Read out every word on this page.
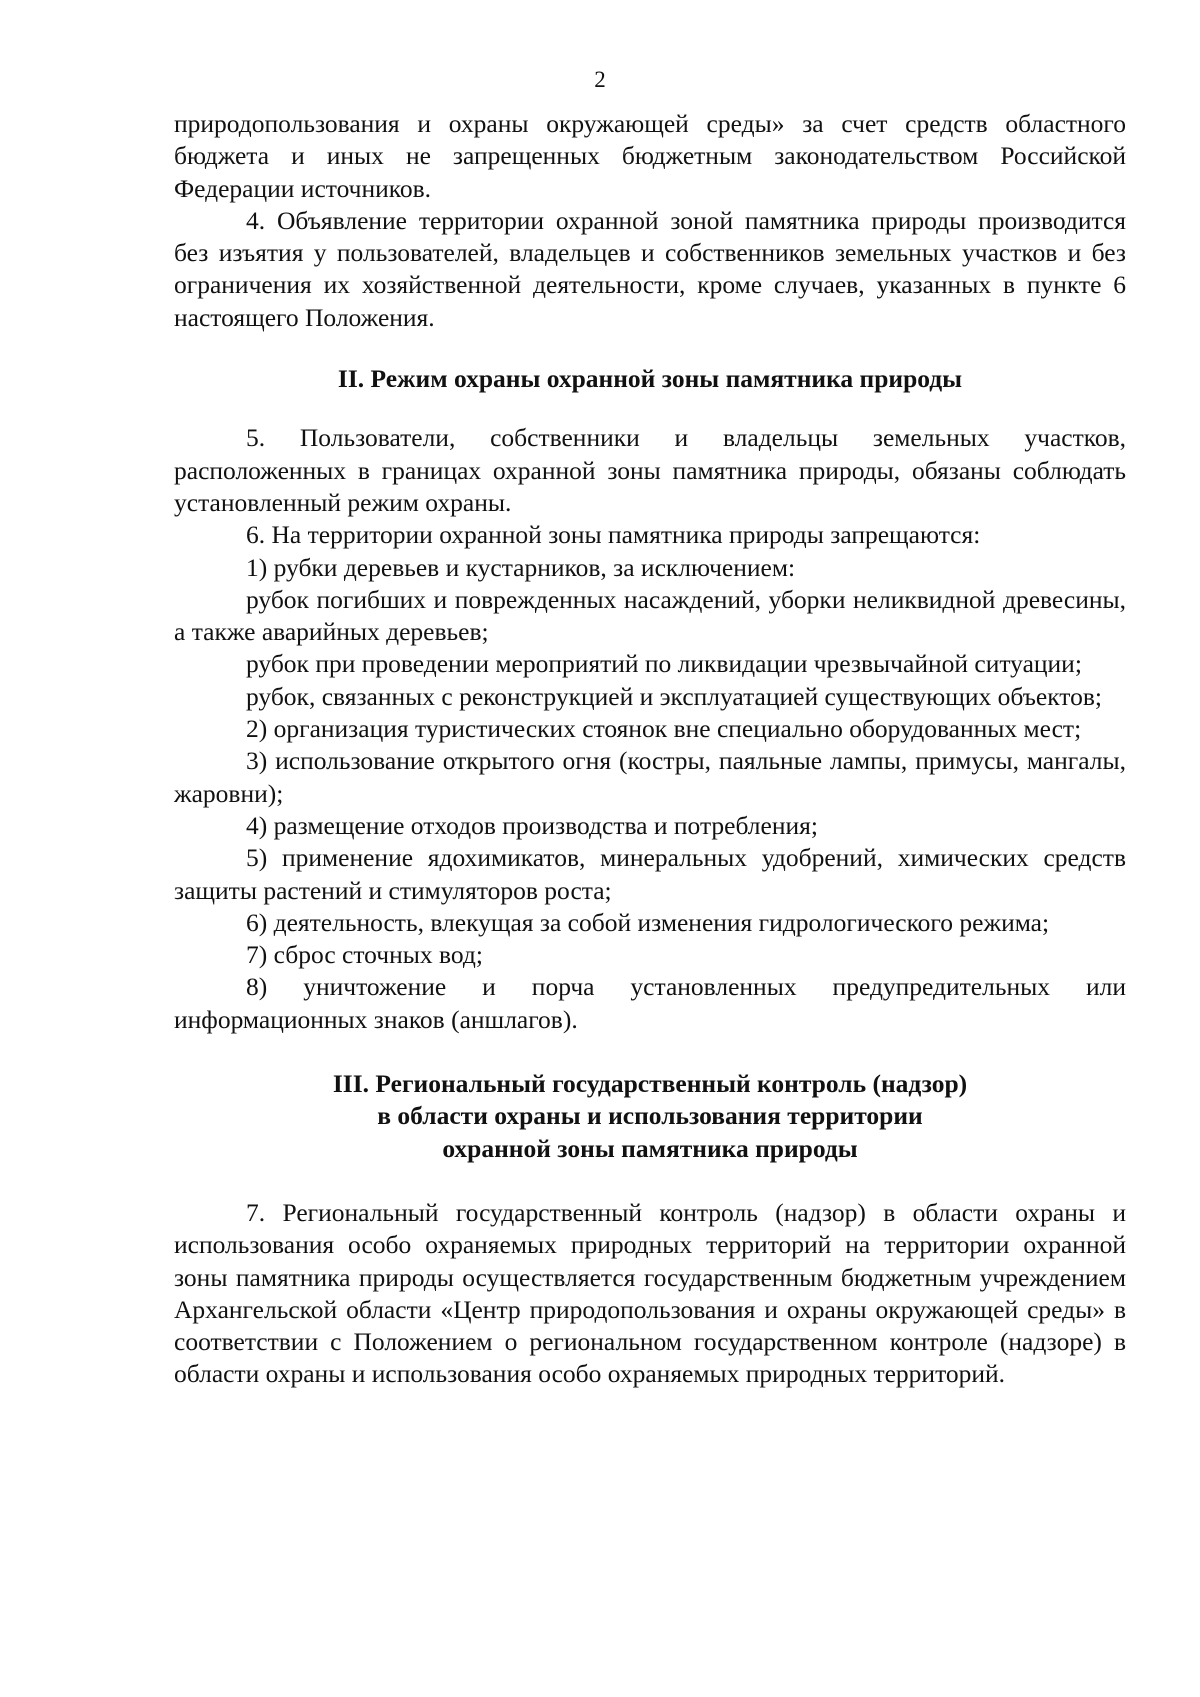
2

природопользования и охраны окружающей среды» за счет средств областного бюджета и иных не запрещенных бюджетным законодательством Российской Федерации источников.

4. Объявление территории охранной зоной памятника природы производится без изъятия у пользователей, владельцев и собственников земельных участков и без ограничения их хозяйственной деятельности, кроме случаев, указанных в пункте 6 настоящего Положения.

II. Режим охраны охранной зоны памятника природы

5. Пользователи, собственники и владельцы земельных участков, расположенных в границах охранной зоны памятника природы, обязаны соблюдать установленный режим охраны.

6. На территории охранной зоны памятника природы запрещаются:

1) рубки деревьев и кустарников, за исключением:

рубок погибших и поврежденных насаждений, уборки неликвидной древесины, а также аварийных деревьев;

рубок при проведении мероприятий по ликвидации чрезвычайной ситуации;

рубок, связанных с реконструкцией и эксплуатацией существующих объектов;

2) организация туристических стоянок вне специально оборудованных мест;

3) использование открытого огня (костры, паяльные лампы, примусы, мангалы, жаровни);

4) размещение отходов производства и потребления;

5) применение ядохимикатов, минеральных удобрений, химических средств защиты растений и стимуляторов роста;

6) деятельность, влекущая за собой изменения гидрологического режима;

7) сброс сточных вод;

8) уничтожение и порча установленных предупредительных или информационных знаков (аншлагов).

III. Региональный государственный контроль (надзор)

в области охраны и использования территории

охранной зоны памятника природы

7. Региональный государственный контроль (надзор) в области охраны и использования особо охраняемых природных территорий на территории охранной зоны памятника природы осуществляется государственным бюджетным учреждением Архангельской области «Центр природопользования и охраны окружающей среды» в соответствии с Положением о региональном государственном контроле (надзоре) в области охраны и использования особо охраняемых природных территорий.
